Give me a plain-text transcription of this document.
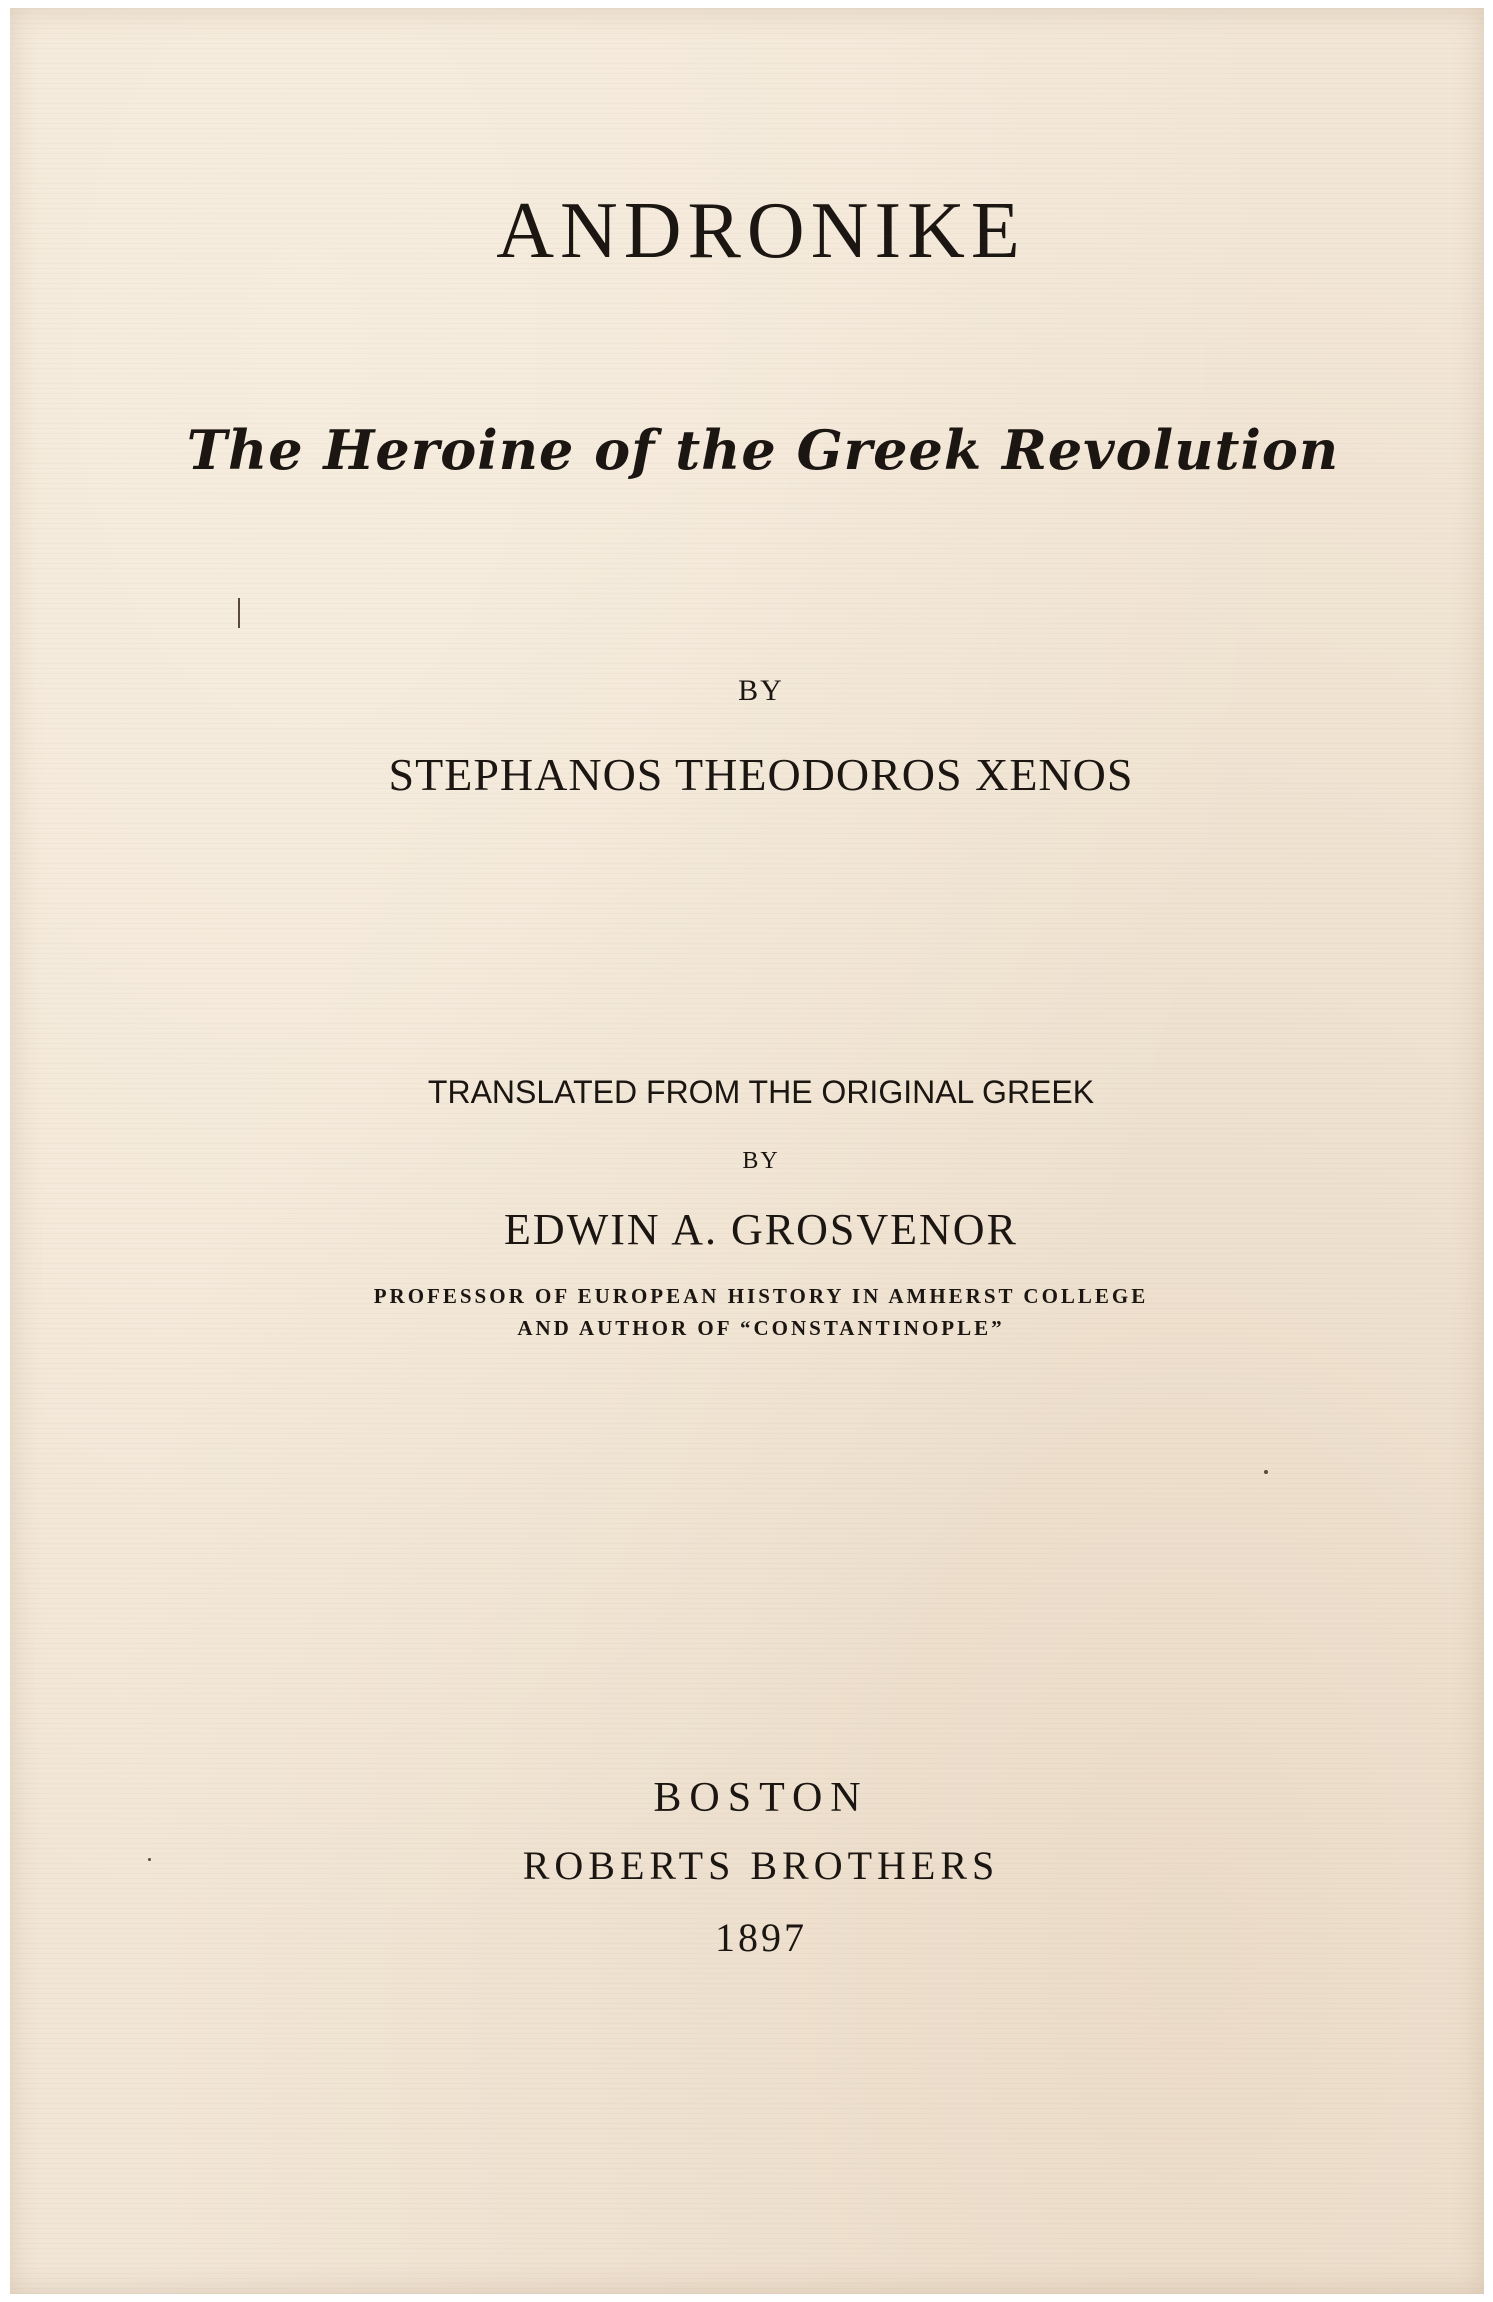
ANDRONIKE
The Heroine of the Greek Revolution
BY
STEPHANOS THEODOROS XENOS
TRANSLATED FROM THE ORIGINAL GREEK
BY
EDWIN A. GROSVENOR
PROFESSOR OF EUROPEAN HISTORY IN AMHERST COLLEGE
AND AUTHOR OF “CONSTANTINOPLE”
BOSTON
ROBERTS BROTHERS
1897
